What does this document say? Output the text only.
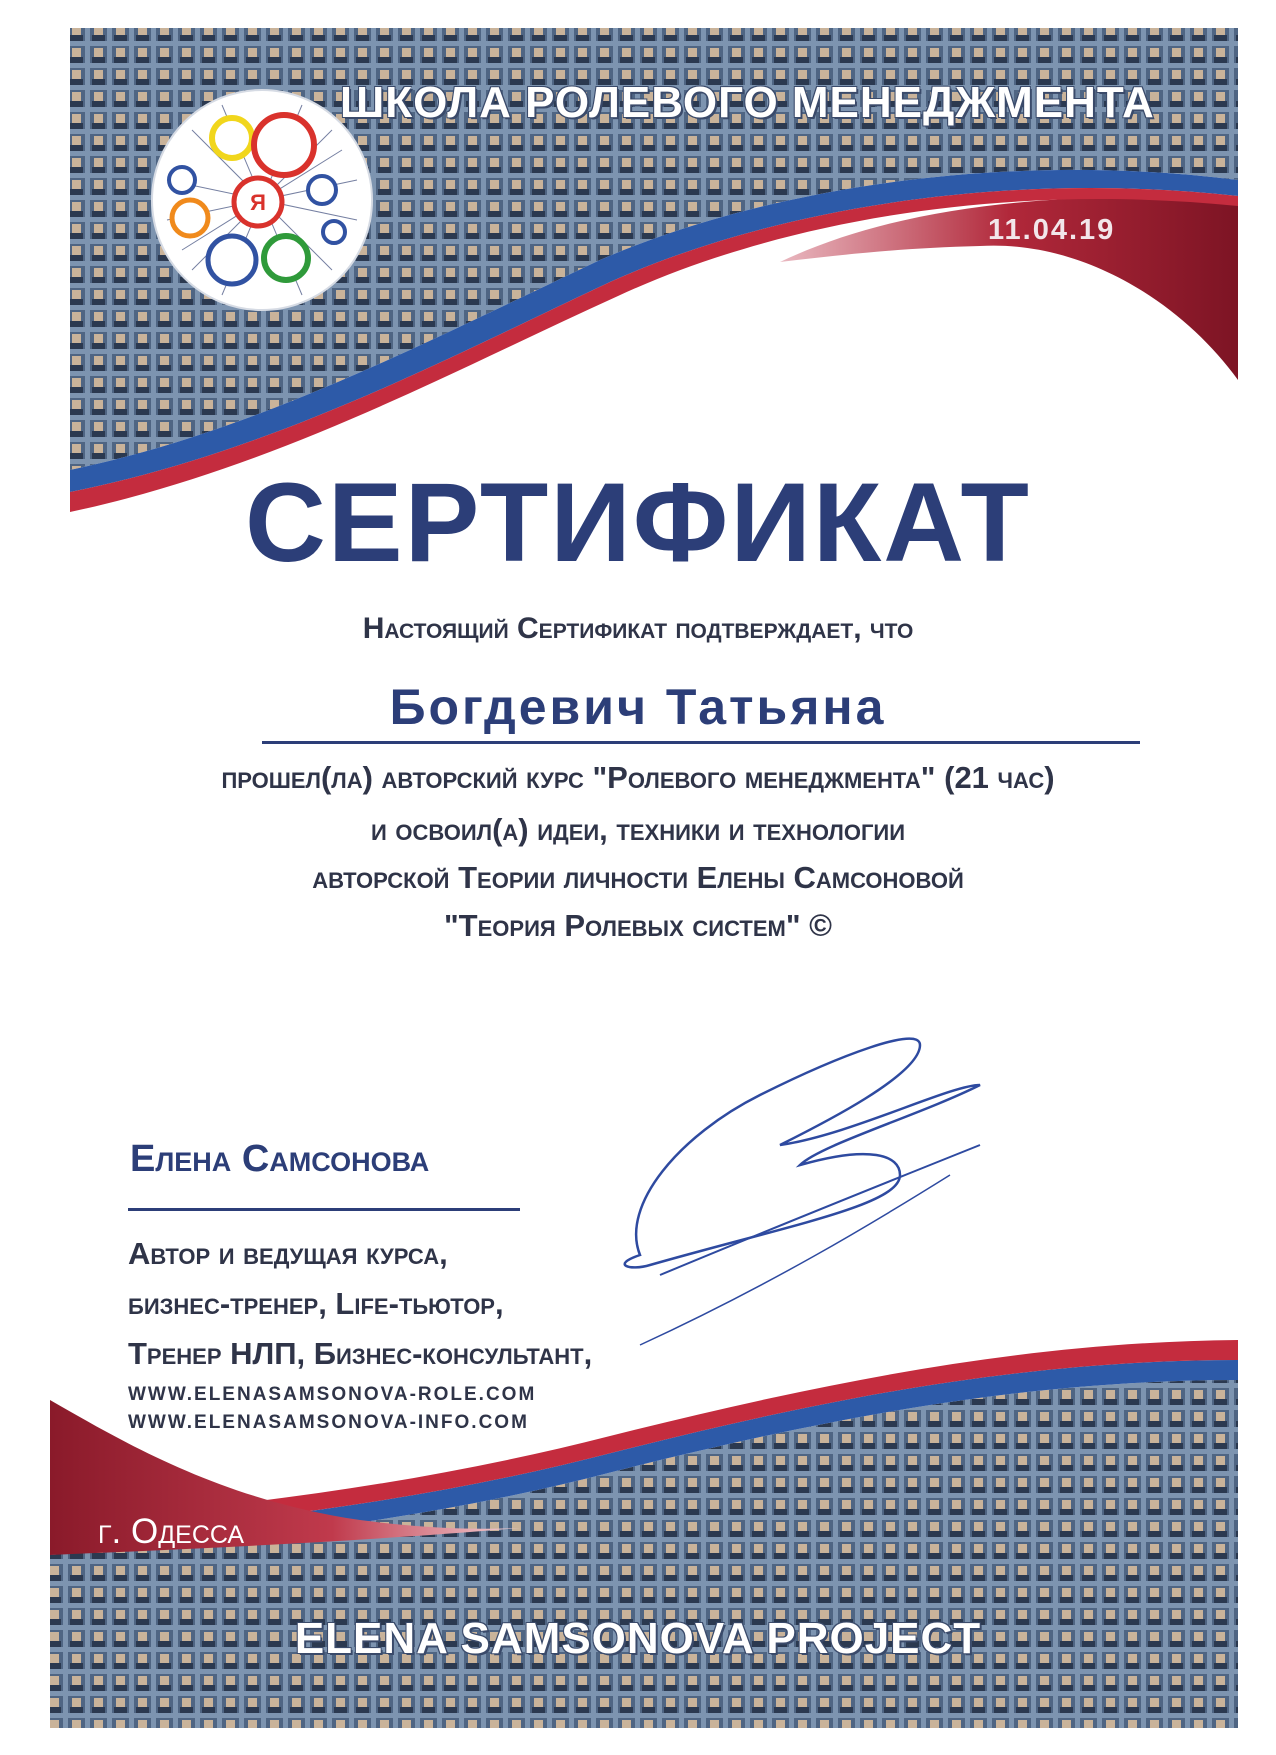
Я
ШКОЛА РОЛЕВОГО МЕНЕДЖМЕНТА
11.04.19
СЕРТИФИКАТ
Настоящий Сертификат подтверждает, что
Богдевич Татьяна
прошел(ла) авторский курс "Ролевого менеджмента" (21 час)
и освоил(а) идеи, техники и технологии
авторской Теории личности Елены Самсоновой
"Теория Ролевых систем" ©
Елена Самсонова
Автор и ведущая курса,
бизнес-тренер, Life-тьютор,
Тренер НЛП, Бизнес-консультант,
WWW.ELENASAMSONOVA-ROLE.COM
WWW.ELENASAMSONOVA-INFO.COM
г. Одесса
ELENA SAMSONOVA PROJECT
